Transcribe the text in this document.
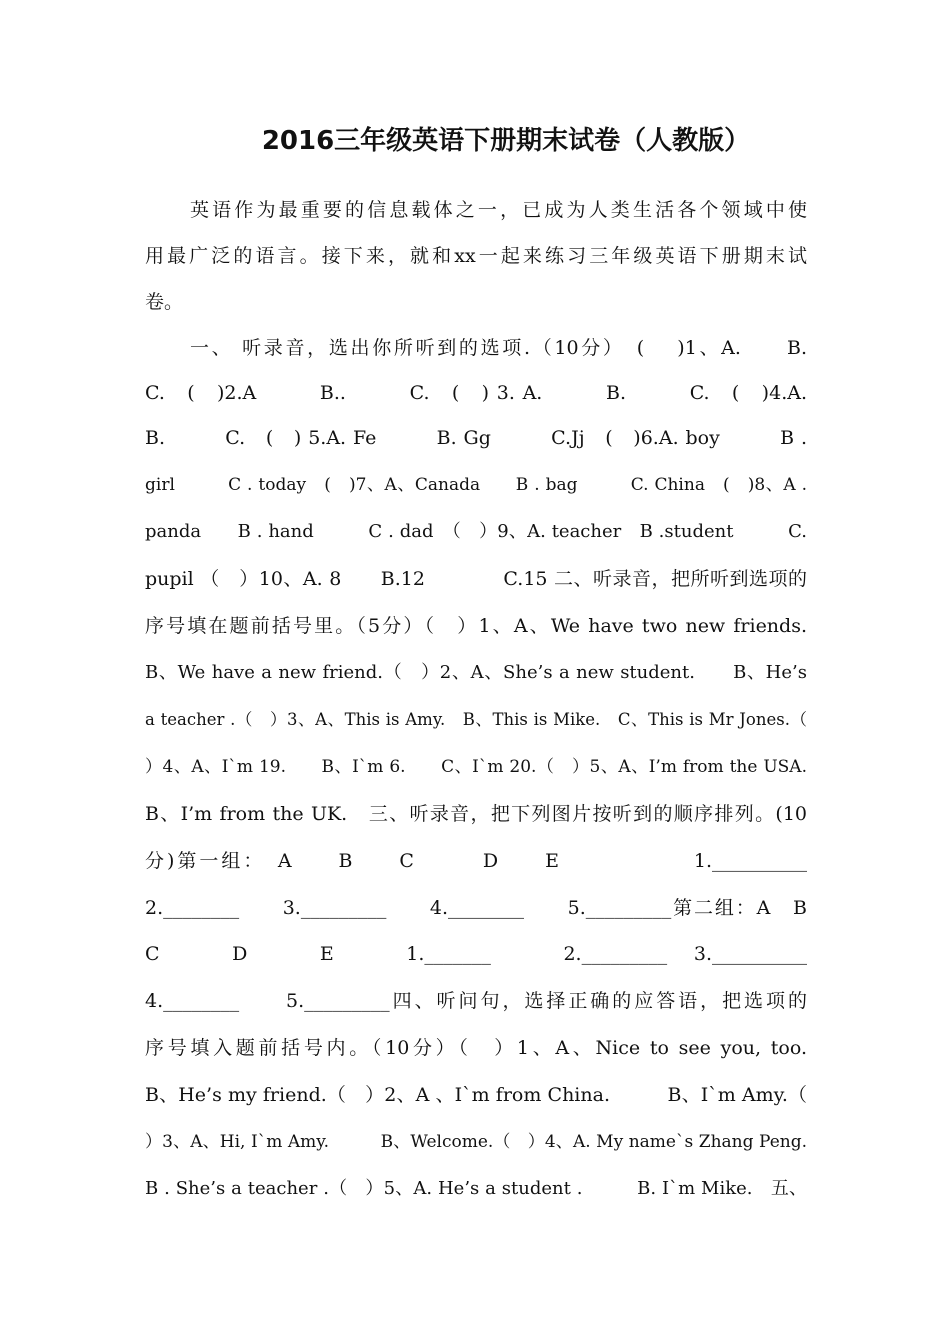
2016三年级英语下册期末试卷（人教版）
英语作为最重要的信息载体之一，已成为人类生活各个领域中使
用最广泛的语言。接下来，就和xx一起来练习三年级英语下册期末试
卷。
一、 听录音，选出你所听到的选项.（10分）　(　 )1、A.　　B.
C.　(　)2.A　　　B..　　　C.　(　) 3. A.　　　B.　　　C.　(　)4.A.
B.　　　C.　(　) 5.A. Fe　　　B. Gg　　　C.Jj　(　)6.A. boy　　　B .
girl　　　C . today　(　)7、A、Canada　　B . bag　　　C. China　(　)8、A .
panda　　B . hand　　　C . dad　（　）9、A. teacher　B .student　　　C.
pupil （　）10、A. 8　　B.12　　　　C.15 二、听录音，把所听到选项的
序号填在题前括号里。（5分）（　）1、A、We have two new friends.
B、We have a new friend.（　）2、A、She’s a new student.　　B、He’s
a teacher .（　）3、A、This is Amy.　B、This is Mike.　C、This is Mr Jones.（
）4、A、I`m 19.　　B、I`m 6.　　C、I`m 20.（　）5、A、I’m from the USA.
B、I’m from the UK.　三、听录音，把下列图片按听到的顺序排列。(10
分)第一组：　A　　B　　C　　　D　　E　　　　　　1.__________
2.________　　3._________　　4.________　　5._________第二组：A　B
C　　　D　　　E　　　1._______　　　2._________　3.__________
4.________　　5._________四、听问句，选择正确的应答语，把选项的
序号填入题前括号内。（10分）（　）1、A、Nice to see you, too.
B、He’s my friend.（　）2、A 、I`m from China.　　　B、I`m Amy.（
）3、A、Hi, I`m Amy.　　　B、Welcome.（　）4、A. My name`s Zhang Peng.
B . She’s a teacher .（　）5、A. He’s a student .　　　B. I`m Mike.　五、
